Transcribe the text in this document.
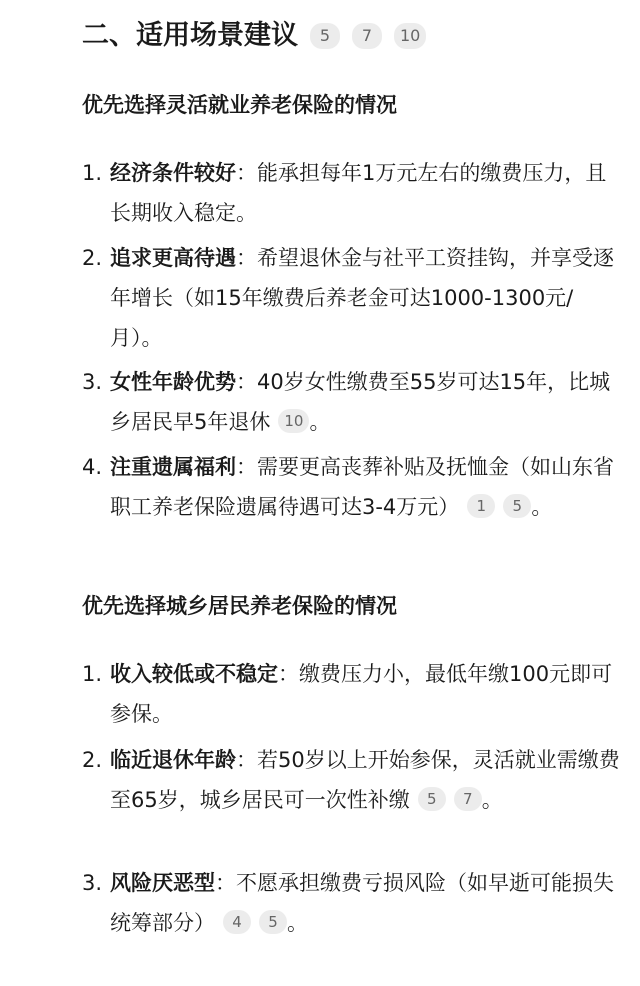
二、适用场景建议	5	7	10
优先选择灵活就业养老保险的情况
1. 经济条件较好：能承担每年1万元左右的缴费压力，且长期收入稳定。
2. 追求更高待遇：希望退休金与社平工资挂钩，并享受逐年增长（如15年缴费后养老金可达1000-1300元/月）。
3. 女性年龄优势：40岁女性缴费至55岁可达15年，比城乡居民早5年退休 10 。
4. 注重遗属福利：需要更高丧葬补贴及抚恤金（如山东省职工养老保险遗属待遇可达3-4万元） 1 5 。
优先选择城乡居民养老保险的情况
1. 收入较低或不稳定：缴费压力小，最低年缴100元即可参保。
2. 临近退休年龄：若50岁以上开始参保，灵活就业需缴费至65岁，城乡居民可一次性补缴 5 7 。
3. 风险厌恶型：不愿承担缴费亏损风险（如早逝可能损失统筹部分） 4 5 。
